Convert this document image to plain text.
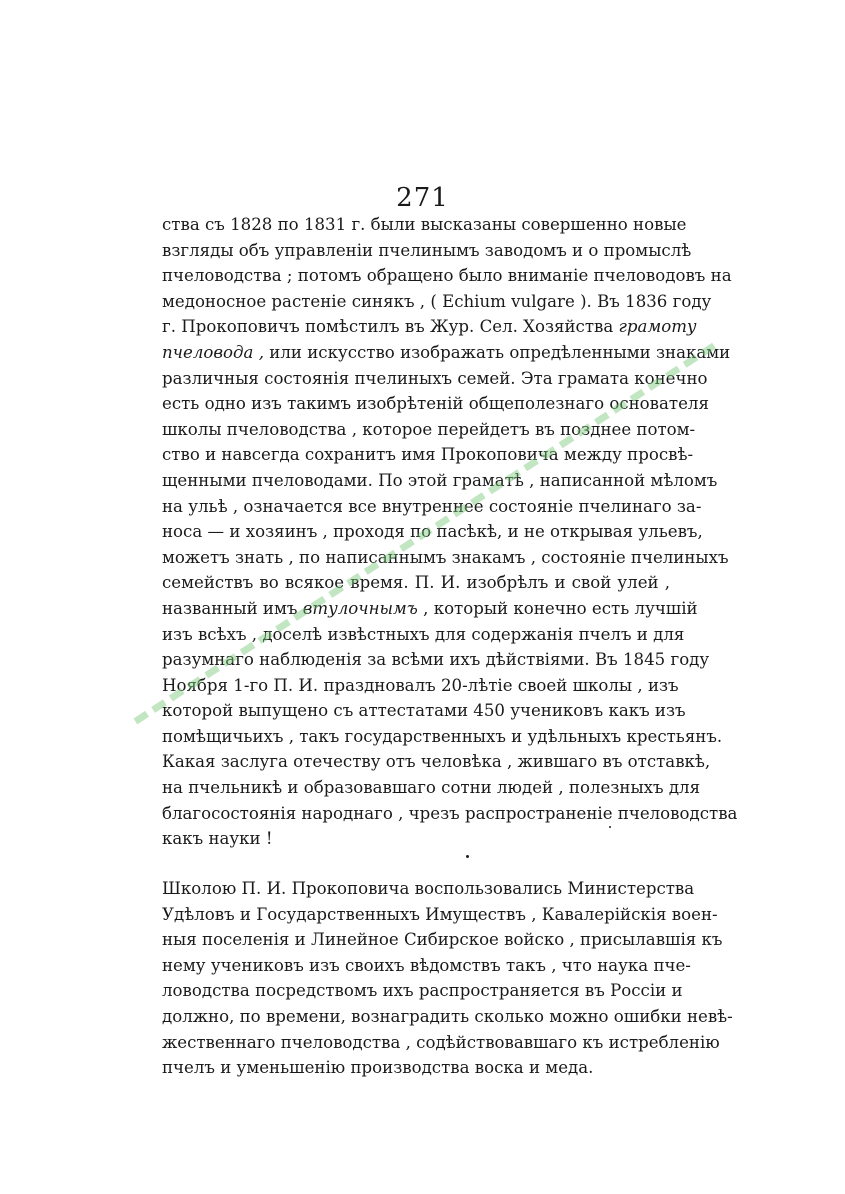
271
ства съ 1828 по 1831 г. были высказаны совершенно новые
взгляды объ управленіи пчелинымъ заводомъ и о промыслѣ
пчеловодства ; потомъ обращено было вниманіе пчеловодовъ на
медоносное растеніе синякъ , ( Echium vulgare ). Въ 1836 году
г. Прокоповичъ помѣстилъ въ Жур. Сел. Хозяйства грамоту
пчеловода , или искусство изображать опредѣленными знаками
различныя состоянія пчелиныхъ семей. Эта грамата конечно
есть одно изъ такимъ изобрѣтеній общеполезнаго основателя
школы пчеловодства , которое перейдетъ въ позднее потом-
ство и навсегда сохранитъ имя Прокоповича между просвѣ-
щенными пчеловодами. По этой граматѣ , написанной мѣломъ
на ульѣ , означается все внутреннее состояніе пчелинаго за-
носа — и хозяинъ , проходя по пасѣкѣ, и не открывая ульевъ,
можетъ знать , по написаннымъ знакамъ , состояніе пчелиныхъ
семействъ во всякое время. П. И. изобрѣлъ и свой улей ,
названный имъ втулочнымъ , который конечно есть лучшій
изъ всѣхъ , доселѣ извѣстныхъ для содержанія пчелъ и для
разумнаго наблюденія за всѣми ихъ дѣйствіями. Въ 1845 году
Ноября 1-го П. И. праздновалъ 20-лѣтіе своей школы , изъ
которой выпущено съ аттестатами 450 учениковъ какъ изъ
помѣщичьихъ , такъ государственныхъ и удѣльныхъ крестьянъ.
Какая заслуга отечеству отъ человѣка , жившаго въ отставкѣ,
на пчельникѣ и образовавшаго сотни людей , полезныхъ для
благосостоянія народнаго , чрезъ распространеніе пчеловодства
какъ науки !
Школою П. И. Прокоповича воспользовались Министерства
Удѣловъ и Государственныхъ Имуществъ , Кавалерійскія воен-
ныя поселенія и Линейное Сибирское войско , присылавшія къ
нему учениковъ изъ своихъ вѣдомствъ такъ , что наука пче-
ловодства посредствомъ ихъ распространяется въ Россіи и
должно, по времени, вознаградить сколько можно ошибки невѣ-
жественнаго пчеловодства , содѣйствовавшаго къ истребленію
пчелъ и уменьшенію производства воска и меда.
